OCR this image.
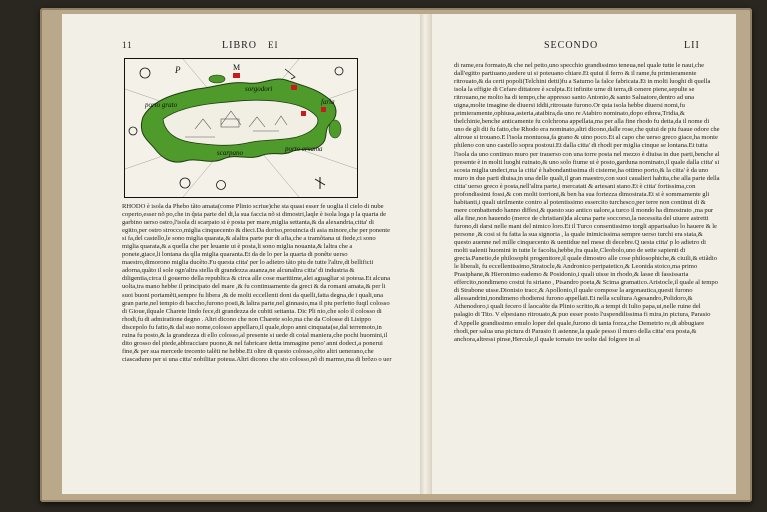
11	LIBRO ΕΙ
P	M
sorgodori
porto grato	faria
scarpano	porto ersama

RHODO è isola da Phebo tãto amata(come Plinio scriue)che sta quasi esser fe uoglia il cielo di nube coperto,esser nõ po,che in q̃sta parte del di,la sua faccia nõ si dimostri,laqle è isola loga p la quarta de garbino uerso ostro,l'isola di scarpato si è posta per mare,miglia settanta,& da alexandria,citta' di egitto,per ostro sirocco,miglia cinquecento & dieci.Da doriso,prouincia di asia minore,che per ponente si fa,del castello,le sono miglia quarata,& alaltra parte pur di afia,che a tramõtana ui fiede,ci sono miglia quarata,& a quella che per leuante ui è posta,li sono miglia nouanta,& laltra che a ponete,giace,li lontana da qlla miglia quaranta.Et da de lo per la quarta di ponẽte uerso maestro,dimorono miglia ducẽto.Fu questa citta' per lo adietro tãto piu de tutte l'altre,di bellificii adorna,quãto il sole ogn'altra stella di grandezza auanza,ne alcunaltra citta' di industria & diligentia,circa il gouerno della republica & circa alle cose marittime,alei aguagliar si poteua.Et alcuna uolta,tra mano hebbe il principato del mare ,& fu continuamente da greci & da romani amata,& per li suoi buoni portamẽti,sempre fu libera ,& de molti eccellenti doni da quelli,fatta degna,de i quali,una gran parte,nel tempio di baccho,furono posti,& laltra parte,nel ginnasio,ma il piu perfetto fuqil colosso di Gioue,ilquale Charete lindo fece,di grandezza de cubiti settanta. Dic Pli nio,che solo il colosso di rhodi,fu di admiratione degno . Altri dicono che non Charete solo,ma che da Colosse di Lisippo discepolo fu fatto,& dal suo nome,colosso appellaro,il quale,dopo anni cinquata(se,dal terremoto,in ruina fu posto,& la grandezza di ello colosso,al presente si uede di cotal maniera,che pochi huomini,il dito grosso del piede,abbracciare puono,& nel fabricare detta immagine peno' anni dodeci,a ponerui fine,& per sua mercede trecento talẽti ne hebbe.Et oltre di questo colosso,cẽto altri uenerano,che ciascaduno per si una citta' nobilitar poteua.Altri dicono che sto colosso,nõ di marmo,ma di brõzo o uer

SECONDO	LII

di rame,era formato,& che nel petto,uno specchio grandissimo teneua,nel quale tutte le naui,che dall'egitto partiuano,uedere ui si poteuano chiare.Et quiui il ferro & il rame,fu primieramente ritrouato,& da certi popoli(Telchini detti)fu a Saturno la falce fabricata.Et in molti luoghi di quella isola la effigie di Cefare dittatore è sculpta.Et infinite urne di terra,di cenere piene,sepulte se ritrouano,ne molto ha di tempo,che appresso santo Antonio,& santo Saluatore,dentro ad una uigna,molte imagine de diuersi iddii,ritrouate furono.Or qsta isola hebbe diuersi nomi,fu primieramente,ophiusa,asteria,ataibira,da uno re Atabiro nominato,dopo ethrea,Tridia,& thelchinie,benche anticamente fu colchrona appellata,ma per alla fine rhodo fu detta,da il nome di uno de gli dii fu fatto,che Rhodo era nominato,altri dicono,dalle rose,che quiui de piu fuaue odore che altroue si trouano.E l'isola montuosa,fa grano & uino poco.Et al capo che uerso greco giace,ha monte phileno con uno castello sopra postoui.Et dalla citta' di rhodi per miglia cinque se lontana.Et tutta l'isola da uno continuo muro per trauerso con una torre posta nel mezzo è diuisa in due parti,benche al presente è in molti luoghi ruinato,& uno solo fiume ui è posto,garduna nominato,il quale dalla citta' si scosta miglia undeci,ma la citta' è habondantissima di cisterne,ha ottimo porto,& la citta' è da uno muro in due parti diuisa,in una delle quali,il gran maestro,con suoi caualieri habita,che alla parte della citta' uerso greco è posta,nell'altra parte,i mercatati & artesani stano.Et è citta' fortissima,con profondissimi fossi,& con molti torrioni,& ben ha sua fortezza dimostrata.Et si è sommamente gli habitanti,i quali uirilmente contro al potentissimo essercito turchesco,per terre non continui di & mere combattendo hanno diffesi,& questo suo antico ualore,a turco il mondo ha dimostrato ,ma pur alla fine,non hauendo (merce de christiani)da alcuna parte soccorso,la necessita del uiuere astretti furono,di darsi nelle mani del nimico loro.Et il Turco consentissimo torgli apparisaluo lo hauere & le persone ,& cosi si fu fatta la sua signoria , la quale inimicissima sempre uerso turchi era stata,& questo auenne nel mille cinquecento & uentidue nel mese di decebre.Q uesta citta' p lo adietro di molti ualenti huomini in tutte le facolta,hebbe,fra quale,Cleobolo,uno de sette sapienti di grecia.Panetio,de philosophi progenitore,il quale dimostro alle cose philosophiche,& ciuili,& etiãdio le liberali, fu eccellentissimo,Stratocle,& Andronico peripatetico,& Leonida stoico,ma primo Prasiphane,& Hieronimo eademo & Posidonio,i quali uisse in rhodo,& lasse di fassissaria effercito,nondimeno costui fu siriano , Pisandro poeta,& Scima gramatico.Aristocle,il quale al tempo di Strabone uisse.Dionisio tracc,& Apollonio,il quale compose la argonautica,questi furono allessandrini,nondimeno rhodiensi furono appellati.Et nella scultura Agesandro,Polidoro,& Athenodoro,i quali fecero il laocaõte da Plinio scritto,& a tempi di Iulio papa,ui,nelle ruine del palagio di Tito. V elpesiano ritrouato,& puo esser posto l'uspendilissima fi mira,in pictura, Parasio d'Appelle grandissimo emulo loper del quale,furono di tanta forza,che Demetrio re,di abbugiare rhodi,per salua una pictura di Parasio fi astenne,la quale pesso il muro della citta' era posta,& anchora,altressi pinse,Hercule,il quale tornato tre uolte dal folgore in al
